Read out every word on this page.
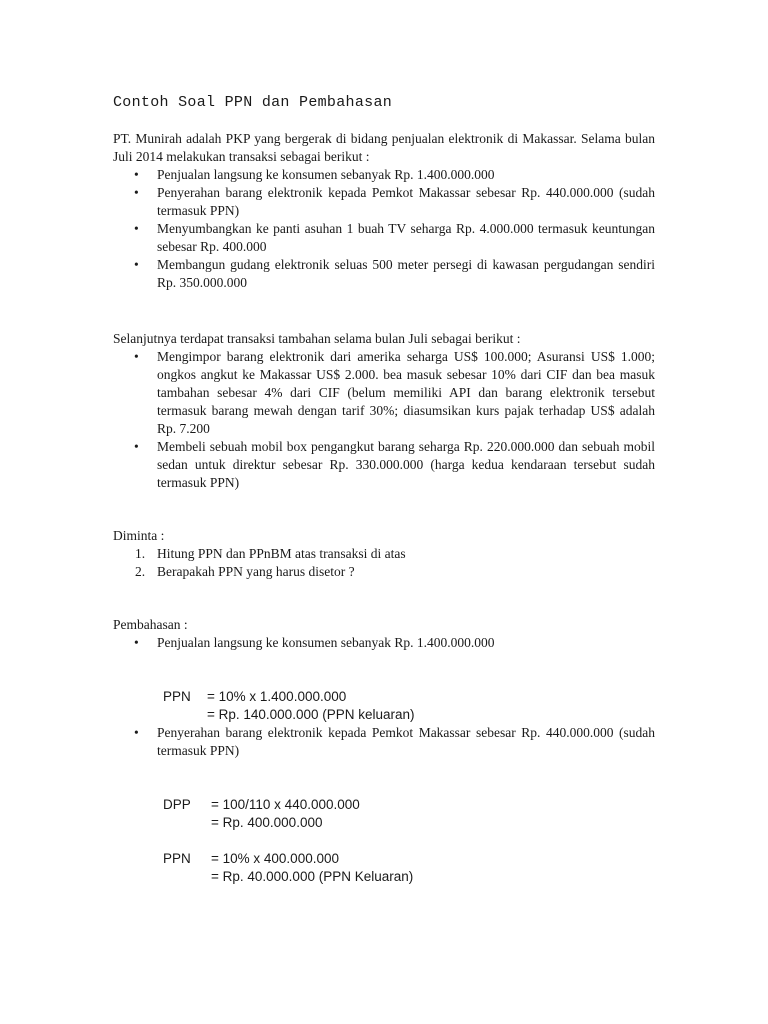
Contoh Soal PPN dan Pembahasan

PT. Munirah adalah PKP yang bergerak di bidang penjualan elektronik di Makassar. Selama bulan Juli 2014 melakukan transaksi sebagai berikut :

• Penjualan langsung ke konsumen sebanyak Rp. 1.400.000.000
• Penyerahan barang elektronik kepada Pemkot Makassar sebesar Rp. 440.000.000 (sudah termasuk PPN)
• Menyumbangkan ke panti asuhan 1 buah TV seharga Rp. 4.000.000 termasuk keuntungan sebesar Rp. 400.000
• Membangun gudang elektronik seluas 500 meter persegi di kawasan pergudangan sendiri Rp. 350.000.000

Selanjutnya terdapat transaksi tambahan selama bulan Juli sebagai berikut :

• Mengimpor barang elektronik dari amerika seharga US$ 100.000; Asuransi US$ 1.000; ongkos angkut ke Makassar US$ 2.000. bea masuk sebesar 10% dari CIF dan bea masuk tambahan sebesar 4% dari CIF (belum memiliki API dan barang elektronik tersebut termasuk barang mewah dengan tarif 30%; diasumsikan kurs pajak terhadap US$ adalah Rp. 7.200
• Membeli sebuah mobil box pengangkut barang seharga Rp. 220.000.000 dan sebuah mobil sedan untuk direktur sebesar Rp. 330.000.000 (harga kedua kendaraan tersebut sudah termasuk PPN)

Diminta :

1. Hitung PPN dan PPnBM atas transaksi di atas
2. Berapakah PPN yang harus disetor ?

Pembahasan :

• Penjualan langsung ke konsumen sebanyak Rp. 1.400.000.000
PPN = 10% x 1.400.000.000
= Rp. 140.000.000 (PPN keluaran)
• Penyerahan barang elektronik kepada Pemkot Makassar sebesar Rp. 440.000.000 (sudah termasuk PPN)
DPP = 100/110 x 440.000.000
= Rp. 400.000.000
PPN = 10% x 400.000.000
= Rp. 40.000.000 (PPN Keluaran)
